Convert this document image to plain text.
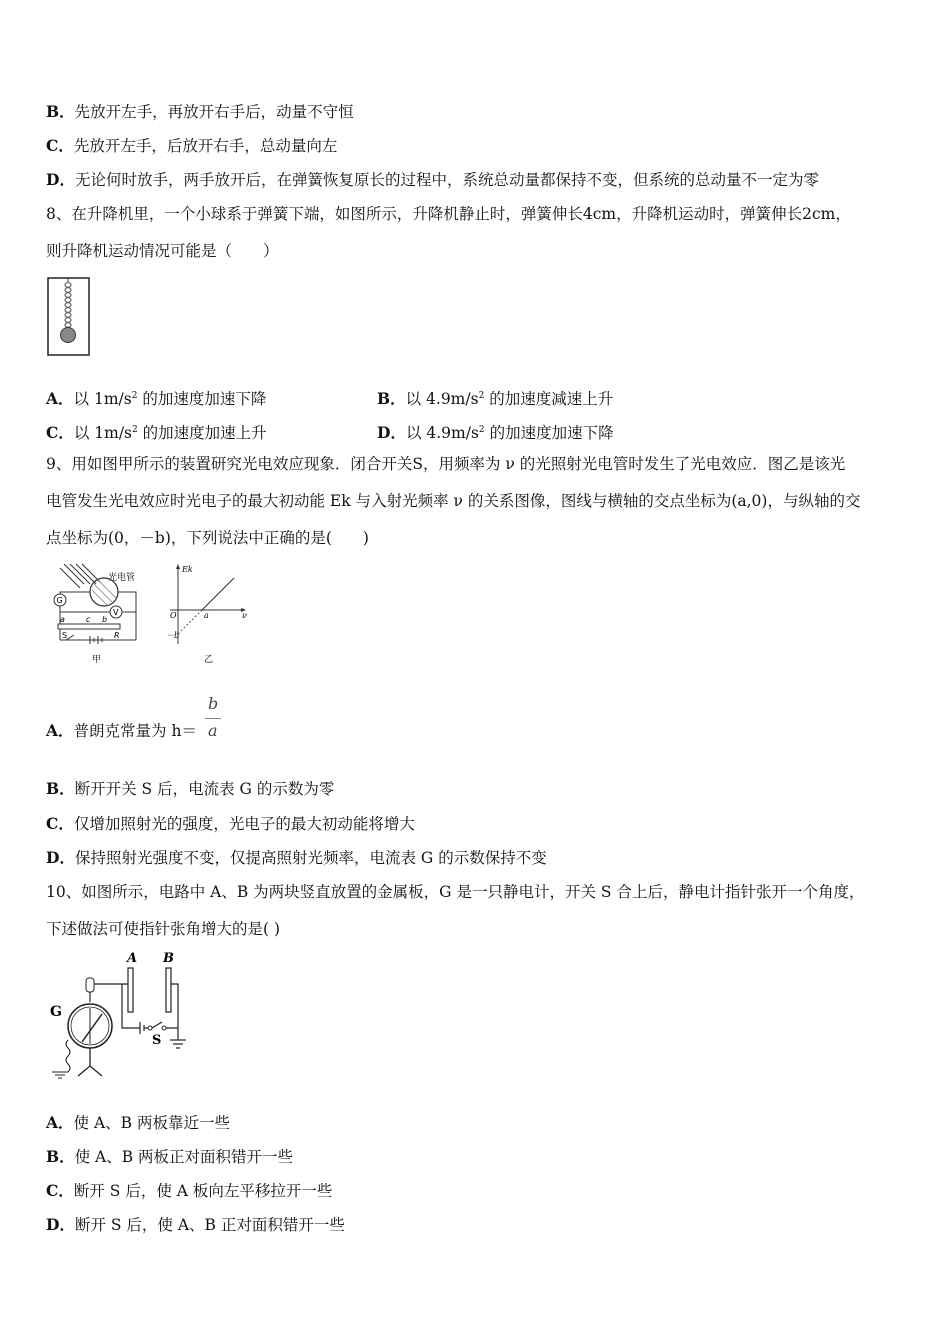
B．先放开左手，再放开右手后，动量不守恒
C．先放开左手，后放开右手，总动量向左
D．无论何时放手，两手放开后，在弹簧恢复原长的过程中，系统总动量都保持不变，但系统的总动量不一定为零
8、在升降机里，一个小球系于弹簧下端，如图所示，升降机静止时，弹簧伸长4cm，升降机运动时，弹簧伸长2cm，
则升降机运动情况可能是（　　）
A．以 $1m/s^2$ 的加速度加速下降	B．以 $4.9m/s^2$ 的加速度减速上升
C．以 $1m/s^2$ 的加速度加速上升	D．以 $4.9m/s^2$ 的加速度加速下降
9、用如图甲所示的装置研究光电效应现象．闭合开关S，用频率为 ν 的光照射光电管时发生了光电效应．图乙是该光
电管发生光电效应时光电子的最大初动能 Ek 与入射光频率 ν 的关系图像，图线与横轴的交点坐标为(a,0)，与纵轴的交
点坐标为(0，－b)，下列说法中正确的是(　　)
光电管
G
V
a	c b
S	R
甲
Ek
O	ν
a
－b
乙
A．普朗克常量为 h＝
b
a
B．断开开关 S 后，电流表 G 的示数为零
C．仅增加照射光的强度，光电子的最大初动能将增大
D．保持照射光强度不变，仅提高照射光频率，电流表 G 的示数保持不变
10、如图所示，电路中 A、B 为两块竖直放置的金属板，G 是一只静电计，开关 S 合上后，静电计指针张开一个角度，
下述做法可使指针张角增大的是( )
A B
G
S
A．使 A、B 两板靠近一些
B．使 A、B 两板正对面积错开一些
C．断开 S 后，使 A 板向左平移拉开一些
D．断开 S 后，使 A、B 正对面积错开一些
